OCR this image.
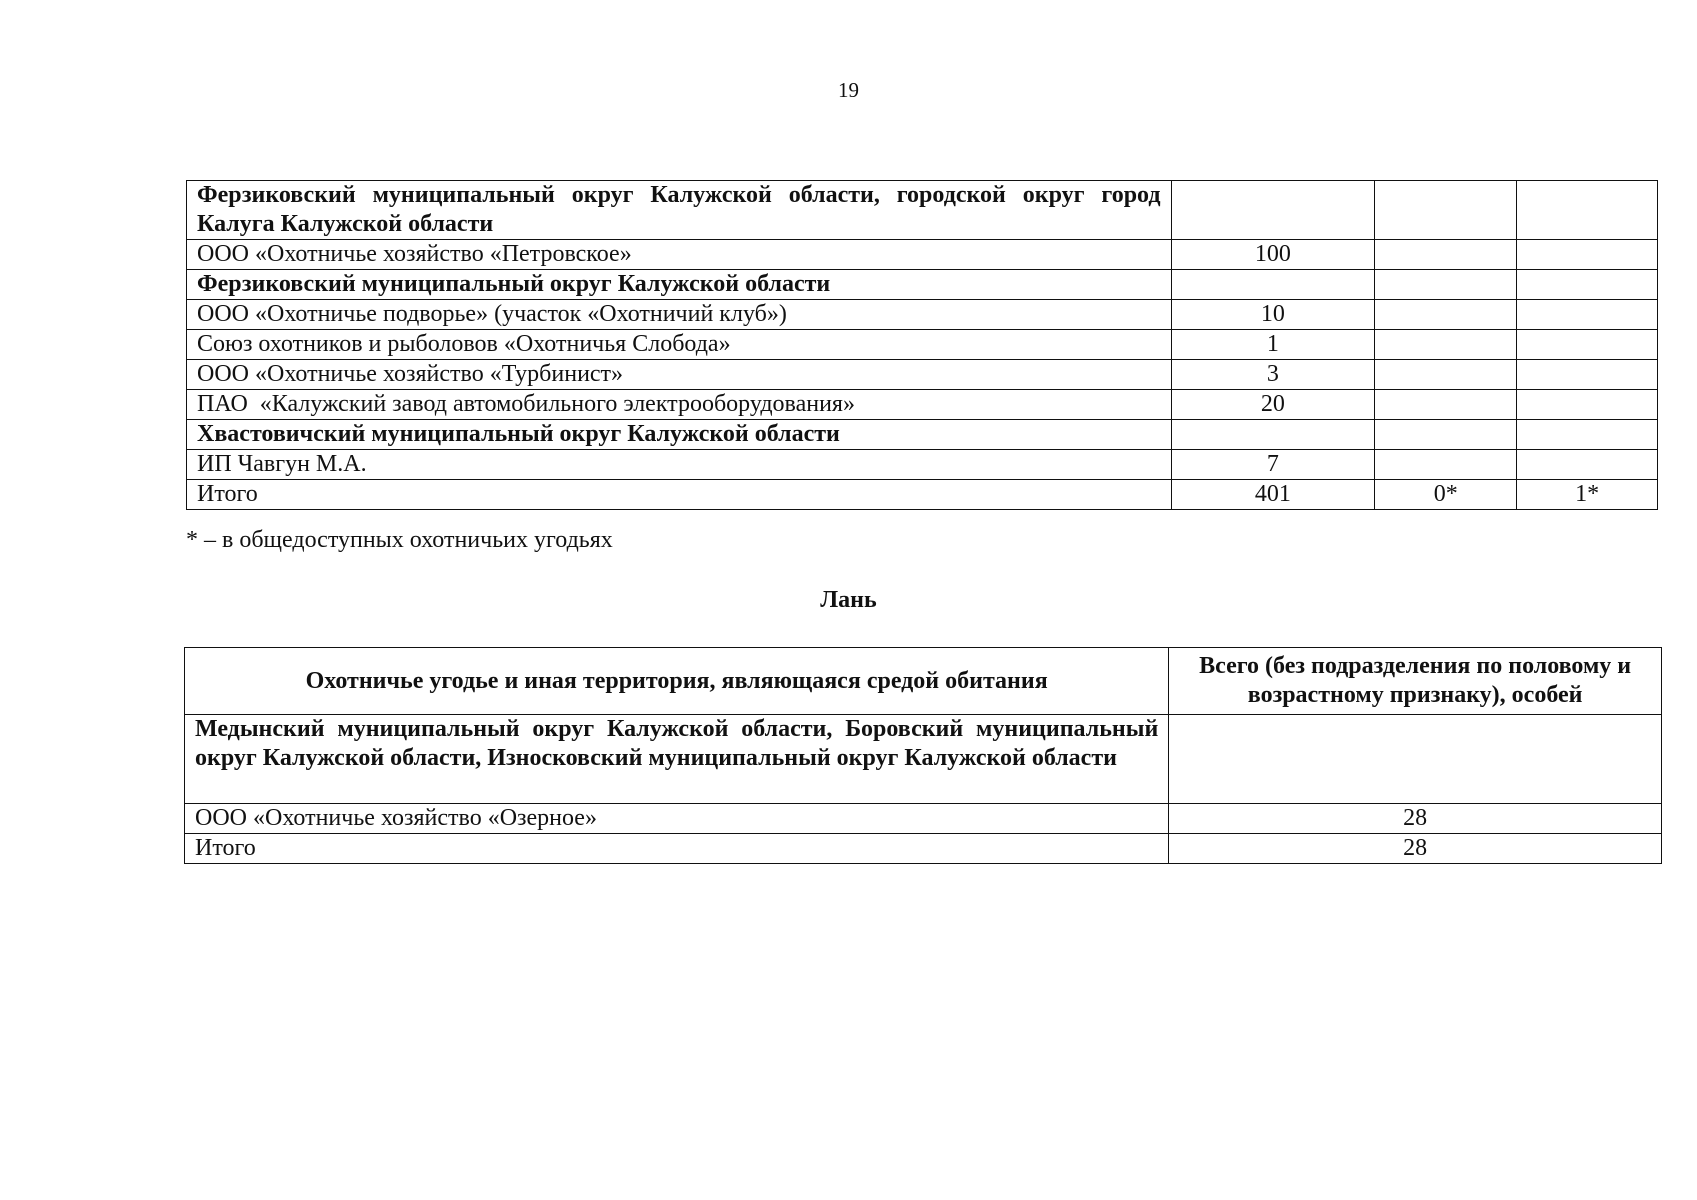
19
Ферзиковский муниципальный округ Калужской области, городской округ город Калуга Калужской области			
ООО «Охотничье хозяйство «Петровское»	100		
Ферзиковский муниципальный округ Калужской области			
ООО «Охотничье подворье» (участок «Охотничий клуб»)	10		
Союз охотников и рыболовов «Охотничья Слобода»	1		
ООО «Охотничье хозяйство «Турбинист»	3		
ПАО  «Калужский завод автомобильного электрооборудования»	20		
Хвастовичский муниципальный округ Калужской области			
ИП Чавгун М.А.	7		
Итого	401	0*	1*
* – в общедоступных охотничьих угодьях
Лань
Охотничье угодье и иная территория, являющаяся средой обитания	Всего (без подразделения по половому и возрастному признаку), особей
Медынский муниципальный округ Калужской области, Боровский муниципальный округ Калужской области, Износковский муниципальный округ Калужской области	
ООО «Охотничье хозяйство «Озерное»	28
Итого	28
